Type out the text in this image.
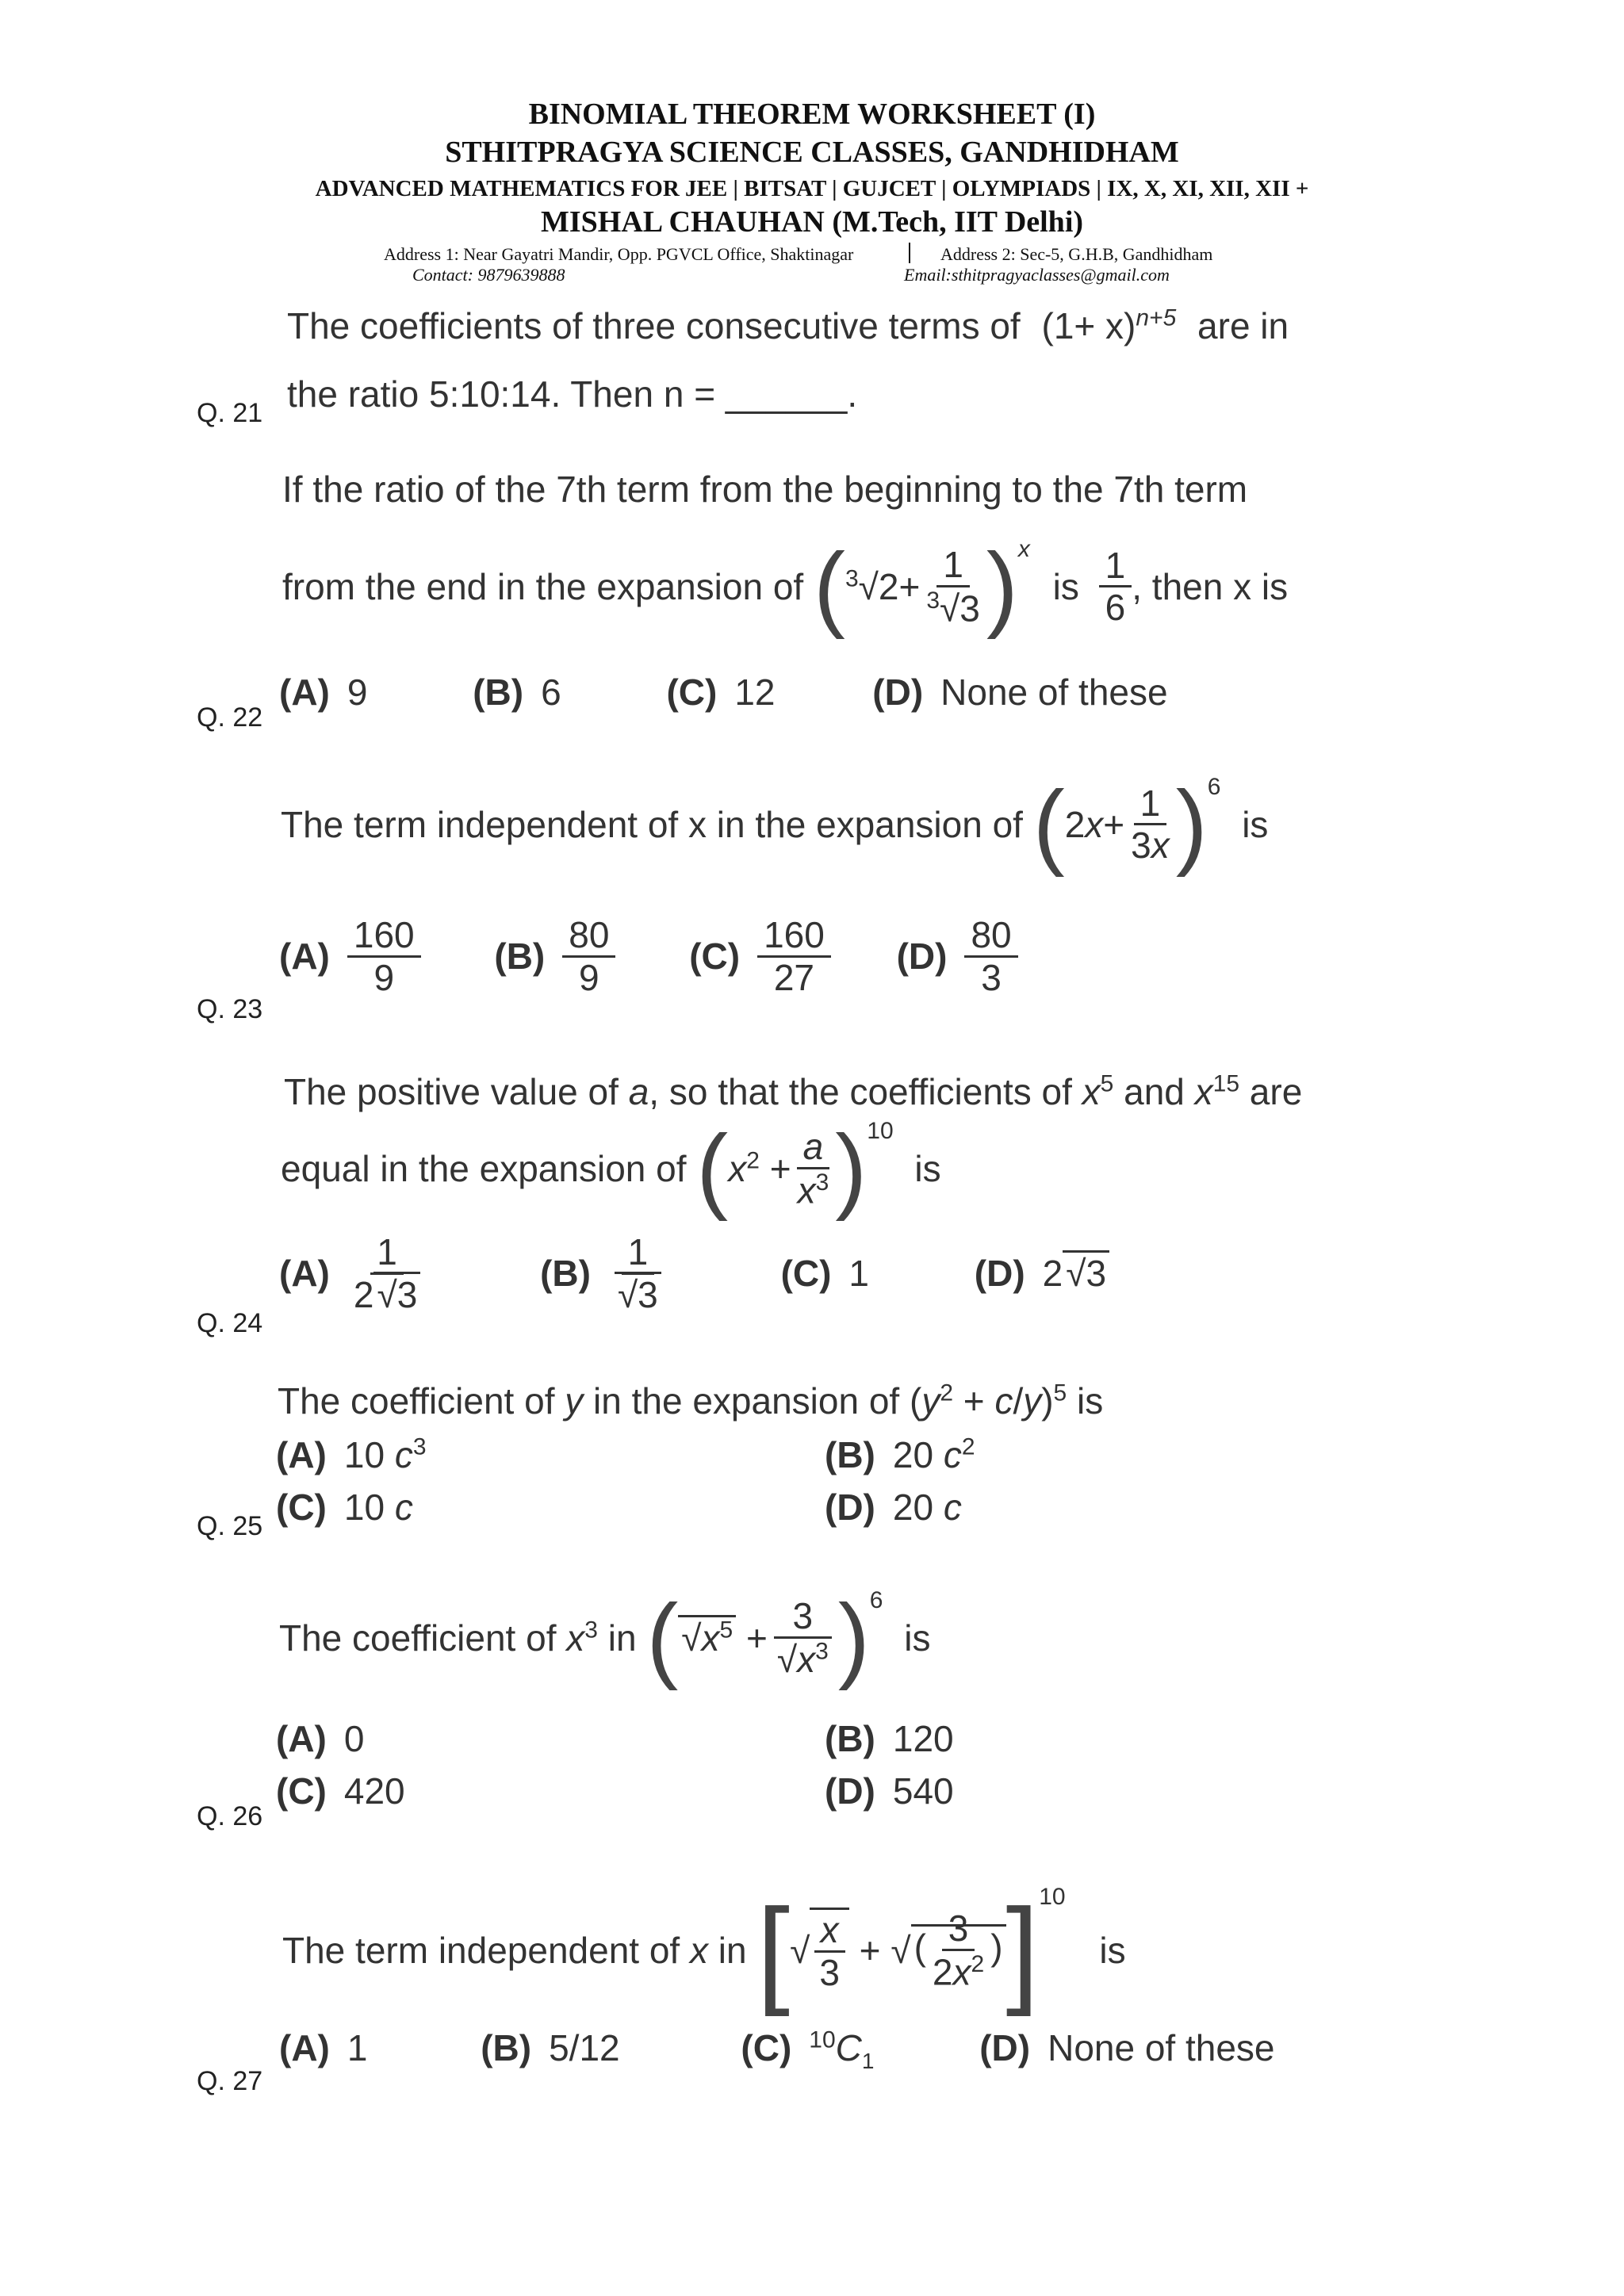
BINOMIAL THEOREM WORKSHEET (I)
STHITPRAGYA SCIENCE CLASSES, GANDHIDHAM
ADVANCED MATHEMATICS FOR JEE | BITSAT | GUJCET | OLYMPIADS | IX, X, XI, XII, XII +
MISHAL CHAUHAN (M.Tech, IIT Delhi)
Address 1: Near Gayatri Mandir, Opp. PGVCL Office, Shaktinagar	Address 2: Sec-5, G.H.B, Gandhidham
Contact: 9879639888	Email:sthitpragyaclasses@gmail.com
The coefficients of three consecutive terms of $(1+ x)^{n+5}$ are in
the ratio 5:10:14. Then n = ______.
Q. 21
If the ratio of the 7th term from the beginning to the 7th term
from the end in the expansion of $(^3√2+ \frac{1}{^3√3} )^x$ is $\frac{1}{6}$ , then x is
(A) 9	(B) 6	(C) 12	(D) None of these
Q. 22
The term independent of x in the expansion of $(2x+ \frac{1}{3x} )^6$ is
$(A) \frac{160}{9} (B) \frac{80}{9} (C) \frac{160}{27} (D) \frac{80}{3}$
Q. 23
The positive value of a, so that the coefficients of $x^5$ and $x^{15}$ are
equal in the expansion of $(x^2 + \frac{a}{x^3} )^{10}$ is
$(A) \frac{1}{2√3}$	$(B) \frac{1}{√3}$	(C) 1	(D) 2√3
Q. 24
The coefficient of y in the expansion of $(y^2 + c/y)^5$ is
(A) 10 $c^3$	(B) 20 $c^2$
(C) 10 c	(D) 20 c
Q. 25
The coefficient of $x^3$ in $(√x^5 + \frac{3}{√x^3} )^6$ is
(A) 0	(B) 120
(C) 420	(D) 540
Q. 26
The term independent of x in [√ $\frac{x}{3}$ + √( $\frac{3}{2x^2} )]^{10}$ is
(A) 1	(B) 5/12	(C) $^{10}C_1$	(D) None of these
Q. 27
